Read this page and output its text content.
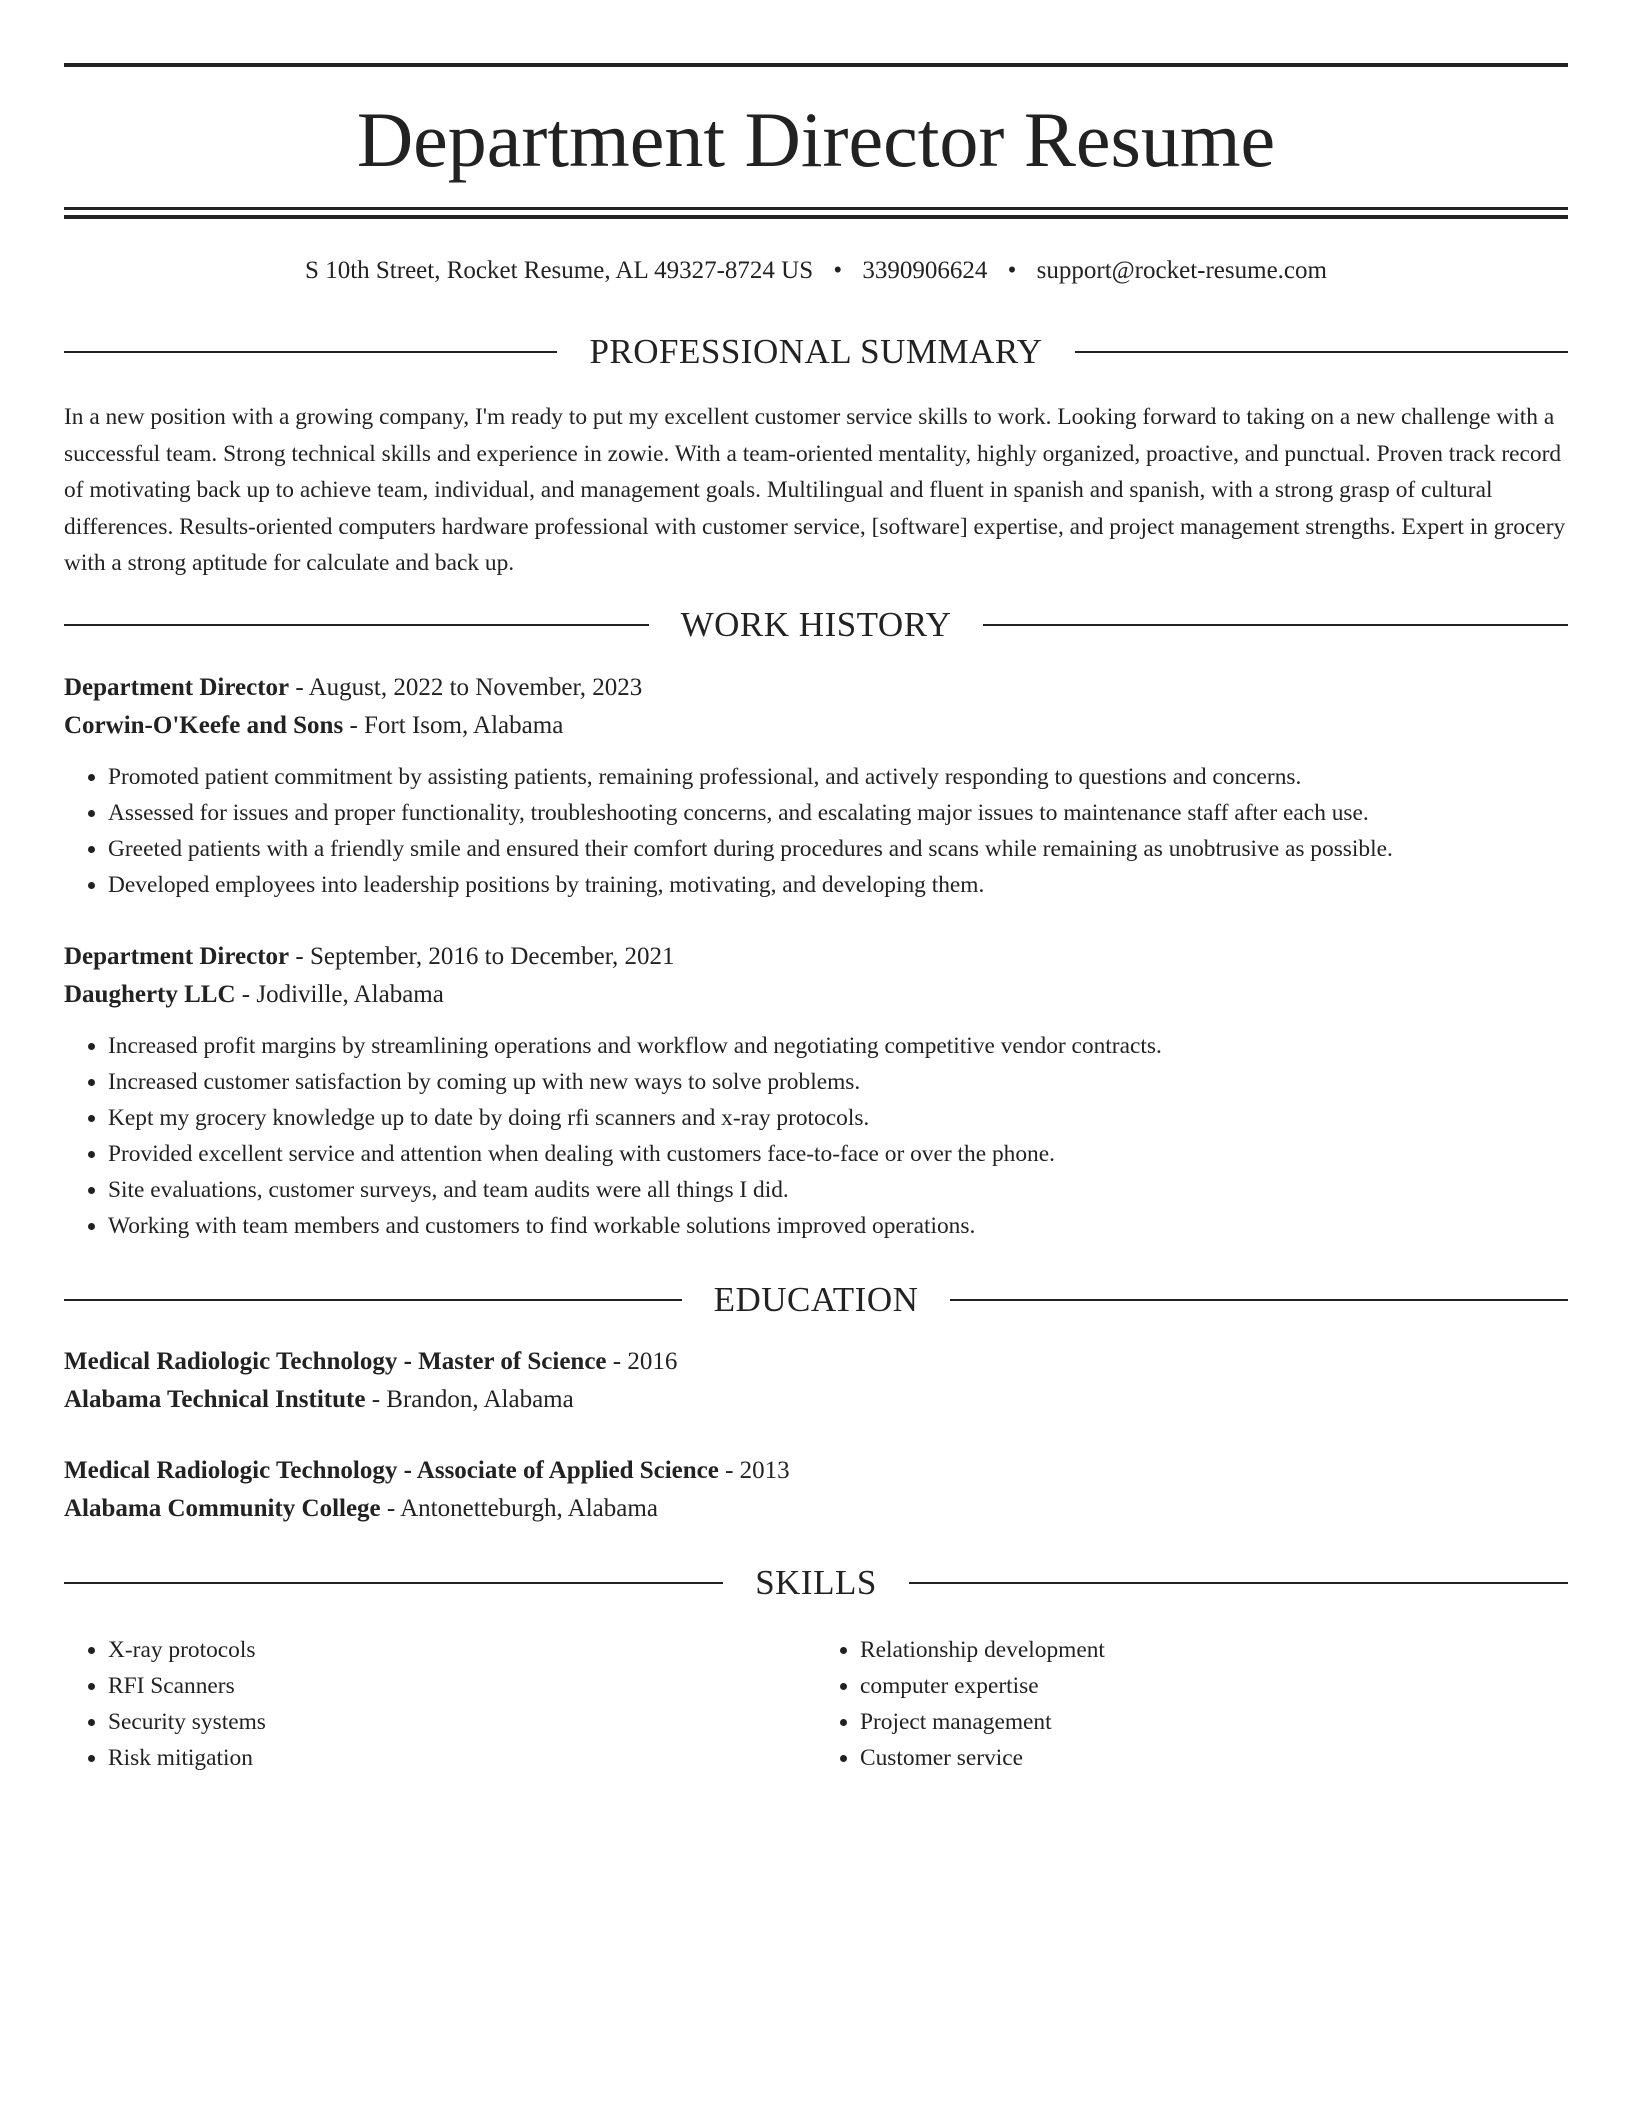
Department Director Resume
S 10th Street, Rocket Resume, AL 49327-8724 US • 3390906624 • support@rocket-resume.com
PROFESSIONAL SUMMARY

In a new position with a growing company, I'm ready to put my excellent customer service skills to work. Looking forward to taking on a new challenge with a successful team. Strong technical skills and experience in zowie. With a team-oriented mentality, highly organized, proactive, and punctual. Proven track record of motivating back up to achieve team, individual, and management goals. Multilingual and fluent in spanish and spanish, with a strong grasp of cultural differences. Results-oriented computers hardware professional with customer service, [software] expertise, and project management strengths. Expert in grocery with a strong aptitude for calculate and back up.

WORK HISTORY
Department Director - August, 2022 to November, 2023
Corwin-O'Keefe and Sons - Fort Isom, Alabama
• Promoted patient commitment by assisting patients, remaining professional, and actively responding to questions and concerns.
• Assessed for issues and proper functionality, troubleshooting concerns, and escalating major issues to maintenance staff after each use.
• Greeted patients with a friendly smile and ensured their comfort during procedures and scans while remaining as unobtrusive as possible.
• Developed employees into leadership positions by training, motivating, and developing them.
Department Director - September, 2016 to December, 2021
Daugherty LLC - Jodiville, Alabama
• Increased profit margins by streamlining operations and workflow and negotiating competitive vendor contracts.
• Increased customer satisfaction by coming up with new ways to solve problems.
• Kept my grocery knowledge up to date by doing rfi scanners and x-ray protocols.
• Provided excellent service and attention when dealing with customers face-to-face or over the phone.
• Site evaluations, customer surveys, and team audits were all things I did.
• Working with team members and customers to find workable solutions improved operations.
EDUCATION
Medical Radiologic Technology - Master of Science - 2016
Alabama Technical Institute - Brandon, Alabama
Medical Radiologic Technology - Associate of Applied Science - 2013
Alabama Community College - Antonetteburgh, Alabama
SKILLS
• X-ray protocols
• RFI Scanners
• Security systems
• Risk mitigation
• Relationship development
• computer expertise
• Project management
• Customer service
